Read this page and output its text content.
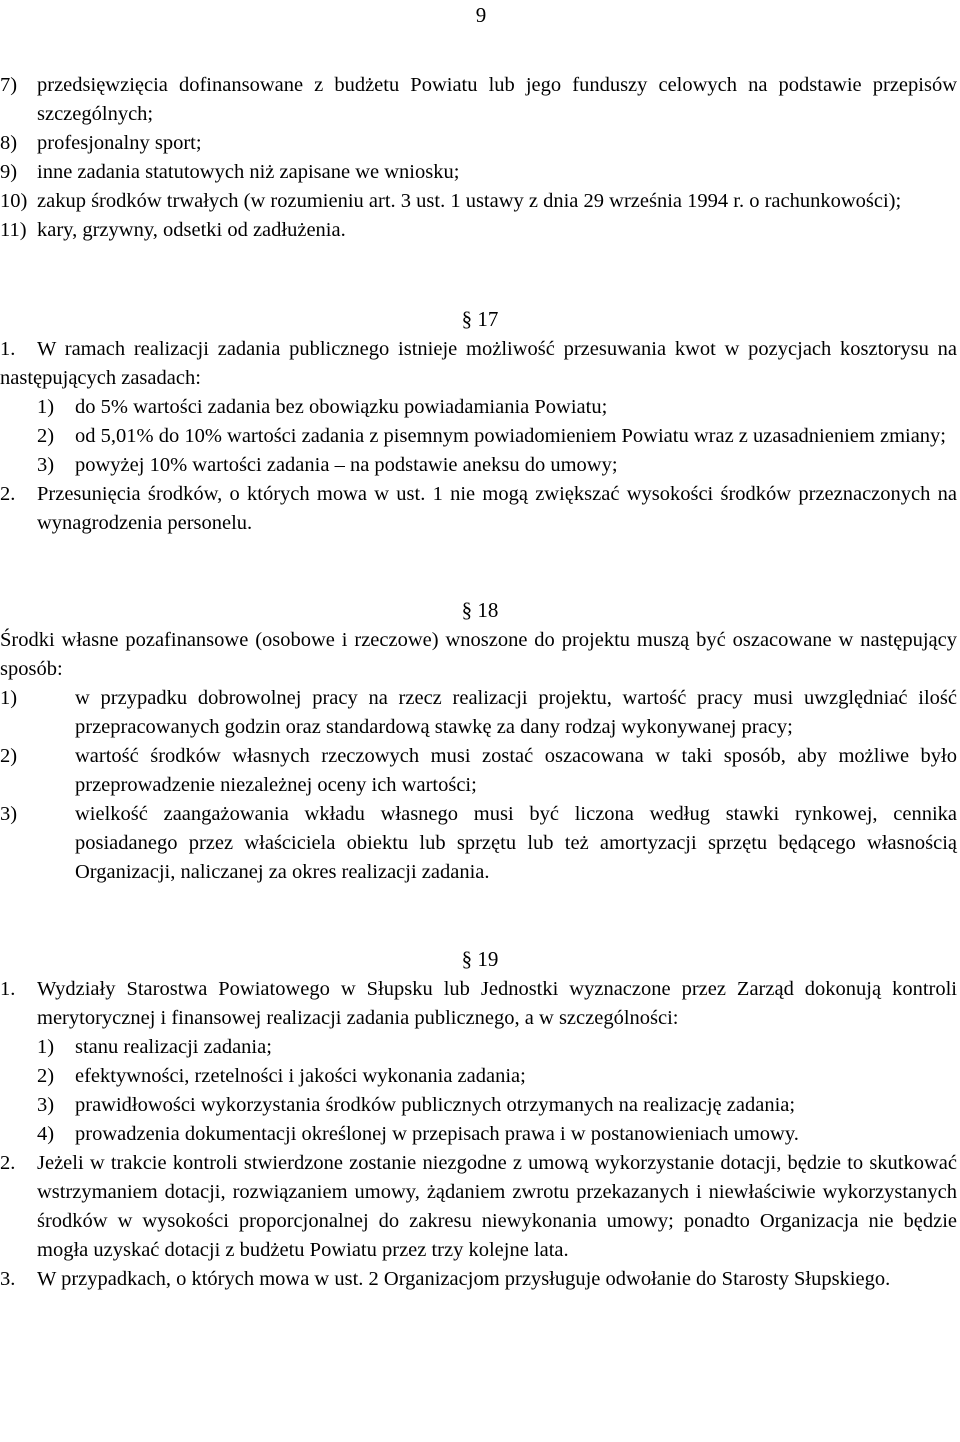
9
7) przedsięwzięcia dofinansowane z budżetu Powiatu lub jego funduszy celowych na podstawie przepisów szczególnych;
8) profesjonalny sport;
9) inne zadania statutowych niż zapisane we wniosku;
10) zakup środków trwałych (w rozumieniu art. 3 ust. 1 ustawy z dnia 29 września 1994 r. o rachunkowości);
11) kary, grzywny, odsetki od zadłużenia.
§ 17
1.	W ramach realizacji zadania publicznego istnieje możliwość przesuwania kwot w pozycjach kosztorysu na następujących zasadach:
1)	do 5% wartości zadania bez obowiązku powiadamiania Powiatu;
2)	od 5,01% do 10% wartości zadania z pisemnym powiadomieniem Powiatu wraz z uzasadnieniem zmiany;
3)	powyżej 10% wartości zadania – na podstawie aneksu do umowy;
2.	Przesunięcia środków, o których mowa w ust. 1 nie mogą zwiększać wysokości środków przeznaczonych na wynagrodzenia personelu.
§ 18
Środki własne pozafinansowe (osobowe i rzeczowe) wnoszone do projektu muszą być oszacowane w następujący sposób:
1)	w przypadku dobrowolnej pracy na rzecz realizacji projektu, wartość pracy musi uwzględniać ilość przepracowanych godzin oraz standardową stawkę za dany rodzaj wykonywanej pracy;
2)	wartość środków własnych rzeczowych musi zostać oszacowana w taki sposób, aby możliwe było przeprowadzenie niezależnej oceny ich wartości;
3)	wielkość zaangażowania wkładu własnego musi być liczona według stawki rynkowej, cennika posiadanego przez właściciela obiektu lub sprzętu lub też amortyzacji sprzętu będącego własnością Organizacji, naliczanej za okres realizacji zadania.
§ 19
1.	Wydziały Starostwa Powiatowego w Słupsku lub Jednostki wyznaczone przez Zarząd dokonują kontroli merytorycznej i finansowej realizacji zadania publicznego, a w szczególności:
1)	stanu realizacji zadania;
2)	efektywności, rzetelności i jakości wykonania zadania;
3)	prawidłowości wykorzystania środków publicznych otrzymanych na realizację zadania;
4)	prowadzenia dokumentacji określonej w przepisach prawa i w postanowieniach umowy.
2.	Jeżeli w trakcie kontroli stwierdzone zostanie niezgodne z umową wykorzystanie dotacji, będzie to skutkować wstrzymaniem dotacji, rozwiązaniem umowy, żądaniem zwrotu przekazanych i niewłaściwie wykorzystanych środków w wysokości proporcjonalnej do zakresu niewykonania umowy; ponadto Organizacja nie będzie mogła uzyskać dotacji z budżetu Powiatu przez trzy kolejne lata.
3.	W przypadkach, o których mowa w ust. 2 Organizacjom przysługuje odwołanie do Starosty Słupskiego.
